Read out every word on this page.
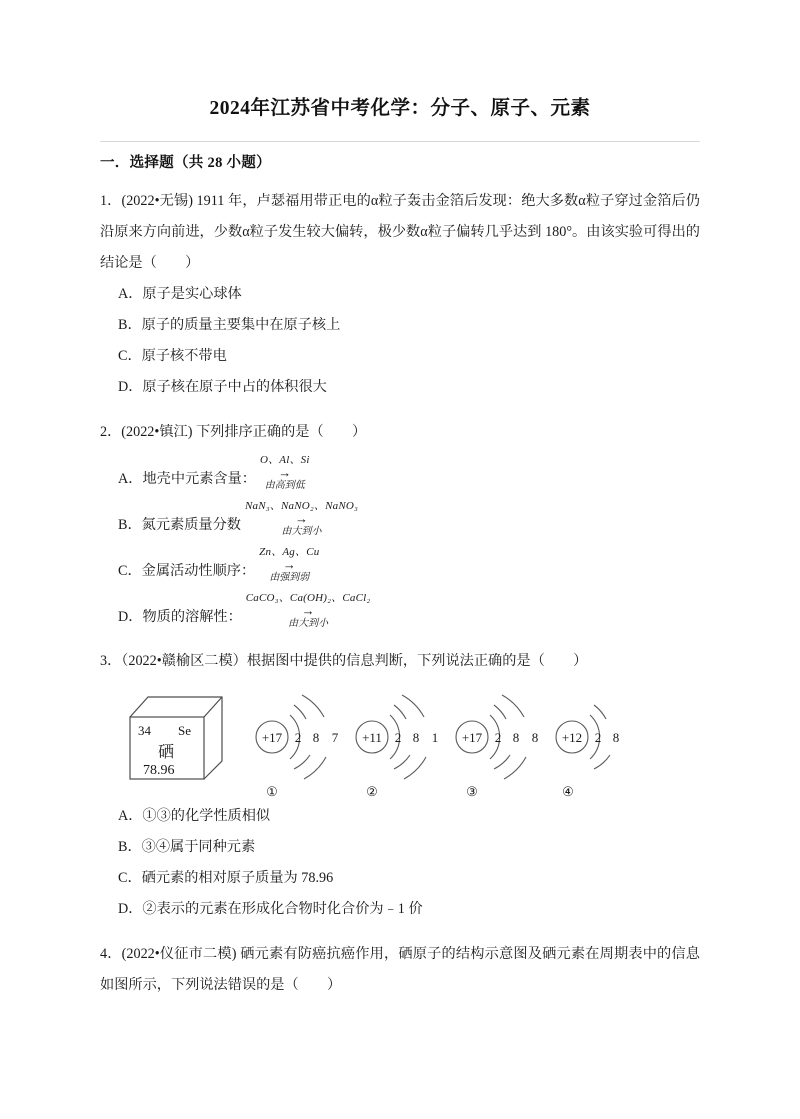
2024年江苏省中考化学：分子、原子、元素
一．选择题（共 28 小题）

1．(2022•无锡) 1911 年，卢瑟福用带正电的α粒子轰击金箔后发现：绝大多数α粒子穿过金箔后仍沿原来方向前进，少数α粒子发生较大偏转，极少数α粒子偏转几乎达到 180°。由该实验可得出的结论是（　　）

A．原子是实心球体
B．原子的质量主要集中在原子核上
C．原子核不带电
D．原子核在原子中占的体积很大

2．(2022•镇江) 下列排序正确的是（　　）

A．地壳中元素含量：
O、Al、Si
→
由高到低
B．氮元素质量分数
NaN₃、NaNO₂、NaNO₃
→
由大到小
C．金属活动性顺序：
Zn、Ag、Cu
→
由强到弱
D．物质的溶解性：
CaCO₃、Ca(OH)₂、CaCl₂
→
由大到小

3．（2022•赣榆区二模）根据图中提供的信息判断，下列说法正确的是（　　）

34 Se
硒
78.96
+17 2 8 7
①
+11 2 8 1
②
+17 2 8 8
③
+12 2 8
④
A．①③的化学性质相似
B．③④属于同种元素
C．硒元素的相对原子质量为 78.96
D．②表示的元素在形成化合物时化合价为﹣1 价

4．(2022•仪征市二模) 硒元素有防癌抗癌作用，硒原子的结构示意图及硒元素在周期表中的信息如图所示，下列说法错误的是（　　）
